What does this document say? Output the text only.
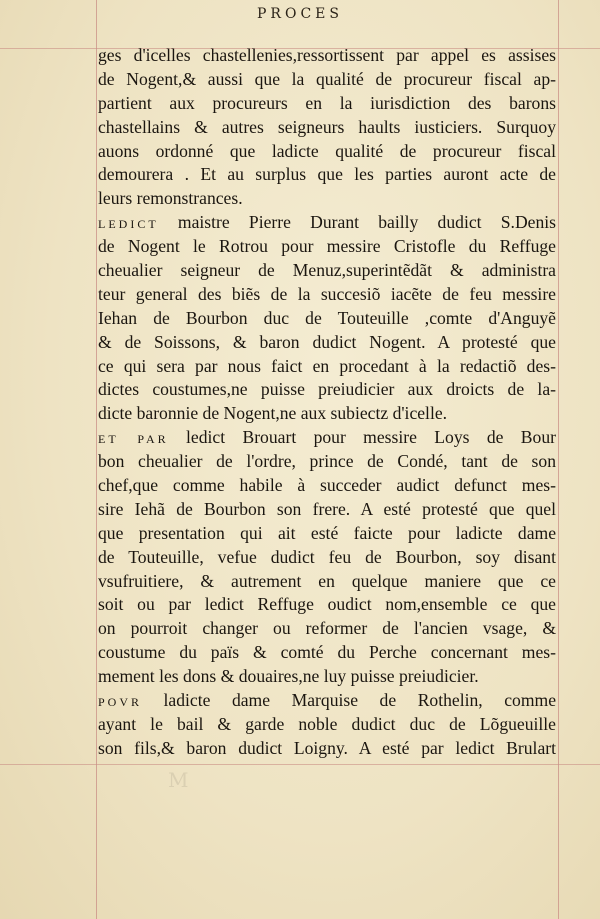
PROCES
M
ges d'icelles chastellenies,ressortissent par appel es assises
de Nogent,& aussi que la qualité de procureur fiscal ap-
partient aux procureurs en la iurisdiction des barons
chastellains & autres seigneurs haults iusticiers. Surquoy
auons ordonné que ladicte qualité de procureur fiscal
demourera . Et au surplus que les parties auront acte de
leurs remonstrances.
LEDICT maistre Pierre Durant bailly dudict S.Denis
de Nogent le Rotrou pour messire Cristofle du Reffuge
cheualier seigneur de Menuz,superintẽdãt & administra
teur general des biẽs de la succesiõ iacẽte de feu messire
Iehan de Bourbon duc de Touteuille ,comte d'Anguyẽ
& de Soissons, & baron dudict Nogent. A protesté que
ce qui sera par nous faict en procedant à la redactiõ des-
dictes coustumes,ne puisse preiudicier aux droicts de la-
dicte baronnie de Nogent,ne aux subiectz d'icelle.
ET PAR ledict Brouart pour messire Loys de Bour
bon cheualier de l'ordre, prince de Condé, tant de son
chef,que comme habile à succeder audict defunct mes-
sire Iehã de Bourbon son frere. A esté protesté que quel
que presentation qui ait esté faicte pour ladicte dame
de Touteuille, vefue dudict feu de Bourbon, soy disant
vsufruitiere, & autrement en quelque maniere que ce
soit ou par ledict Reffuge oudict nom,ensemble ce que
on pourroit changer ou reformer de l'ancien vsage, &
coustume du païs & comté du Perche concernant mes-
mement les dons & douaires,ne luy puisse preiudicier.
POVR ladicte dame Marquise de Rothelin, comme
ayant le bail & garde noble dudict duc de Lõgueuille
son fils,& baron dudict Loigny. A esté par ledict Brulart
